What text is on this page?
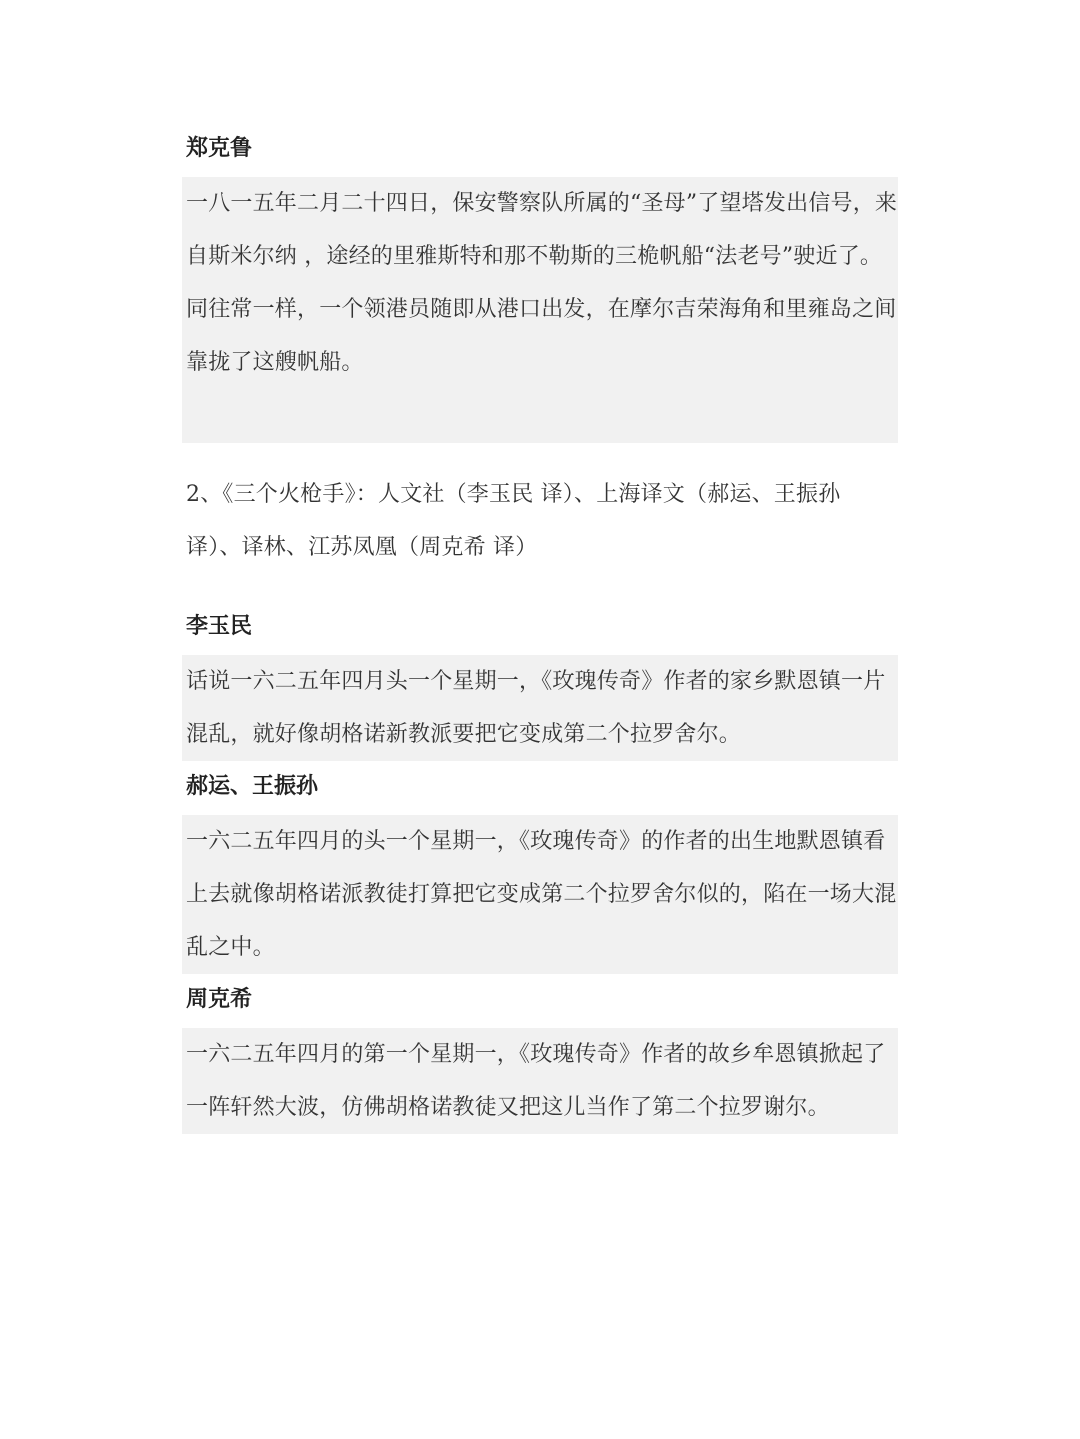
郑克鲁

一八一五年二月二十四日，保安警察队所属的“圣母”了望塔发出信号，来自斯米尔纳 ，途经的里雅斯特和那不勒斯的三桅帆船“法老号”驶近了。

同往常一样，一个领港员随即从港口出发，在摩尔吉荣海角和里雍岛之间靠拢了这艘帆船。

2、《三个火枪手》：人文社（李玉民 译）、上海译文（郝运、王振孙 译）、译林、江苏凤凰（周克希 译）

李玉民

话说一六二五年四月头一个星期一，《玫瑰传奇》作者的家乡默恩镇一片混乱，就好像胡格诺新教派要把它变成第二个拉罗舍尔。

郝运、王振孙

一六二五年四月的头一个星期一，《玫瑰传奇》的作者的出生地默恩镇看上去就像胡格诺派教徒打算把它变成第二个拉罗舍尔似的，陷在一场大混乱之中。

周克希

一六二五年四月的第一个星期一，《玫瑰传奇》作者的故乡牟恩镇掀起了一阵轩然大波，仿佛胡格诺教徒又把这儿当作了第二个拉罗谢尔。
